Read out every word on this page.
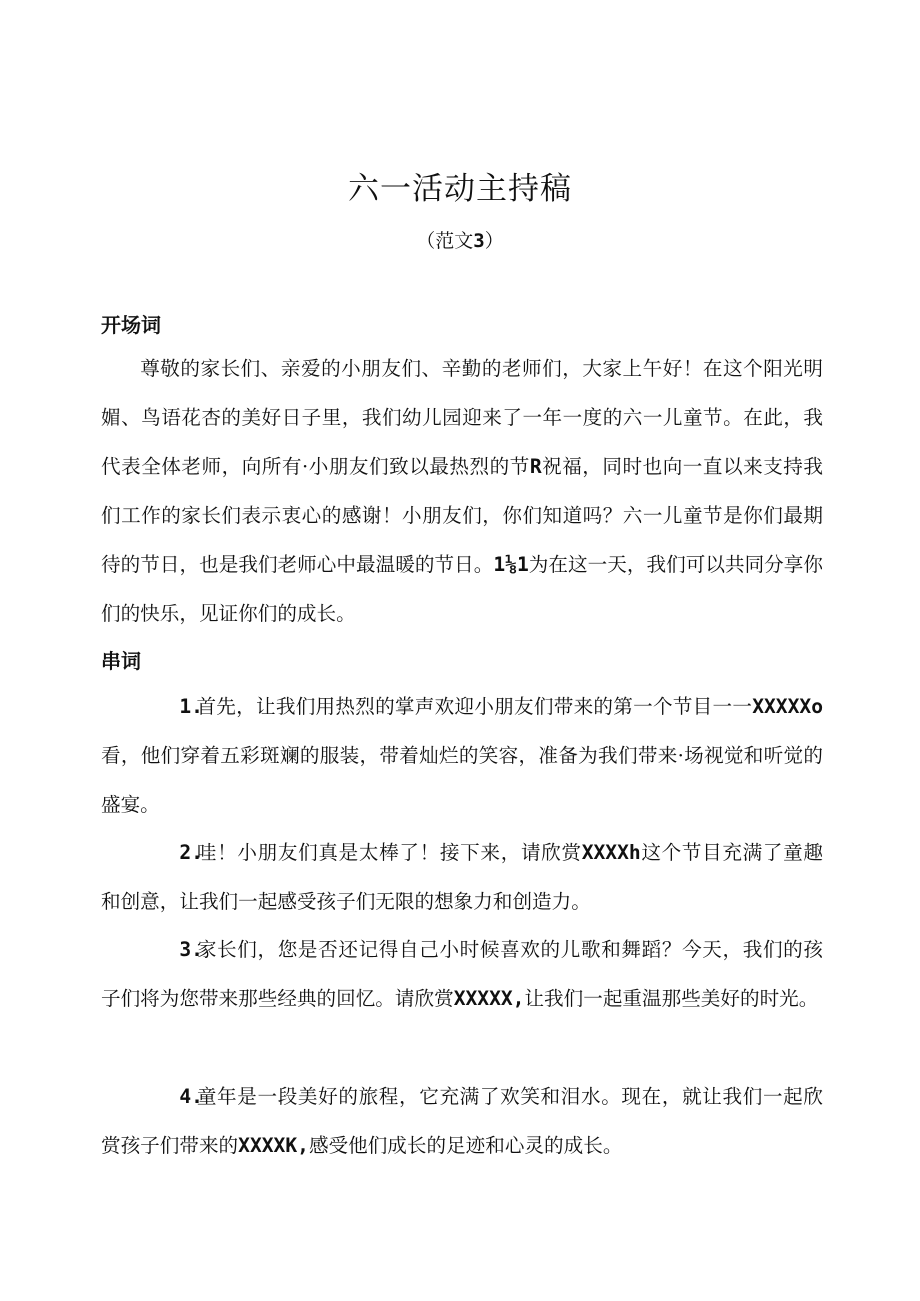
六一活动主持稿
（范文3）
开场词
尊敬的家长们、亲爱的小朋友们、辛勤的老师们，大家上午好！在这个阳光明媚、鸟语花杏的美好日子里，我们幼儿园迎来了一年一度的六一儿童节。在此，我代表全体老师，向所有·小朋友们致以最热烈的节R祝福，同时也向一直以来支持我们工作的家长们表示衷心的感谢！小朋友们，你们知道吗？六一儿童节是你们最期待的节日，也是我们老师心中最温暖的节日。1⅛1为在这一天，我们可以共同分享你们的快乐，见证你们的成长。
串词
1.首先，让我们用热烈的掌声欢迎小朋友们带来的第一个节目一一XXXXXo看，他们穿着五彩斑斓的服装，带着灿烂的笑容，准备为我们带来·场视觉和听觉的盛宴。
2.哇！小朋友们真是太棒了！接下来，请欣赏XXXXh这个节目充满了童趣和创意，让我们一起感受孩子们无限的想象力和创造力。
3.家长们，您是否还记得自己小时候喜欢的儿歌和舞蹈？今天，我们的孩子们将为您带来那些经典的回忆。请欣赏XXXXX,让我们一起重温那些美好的时光。
4.童年是一段美好的旅程，它充满了欢笑和泪水。现在，就让我们一起欣赏孩子们带来的XXXXK,感受他们成长的足迹和心灵的成长。
